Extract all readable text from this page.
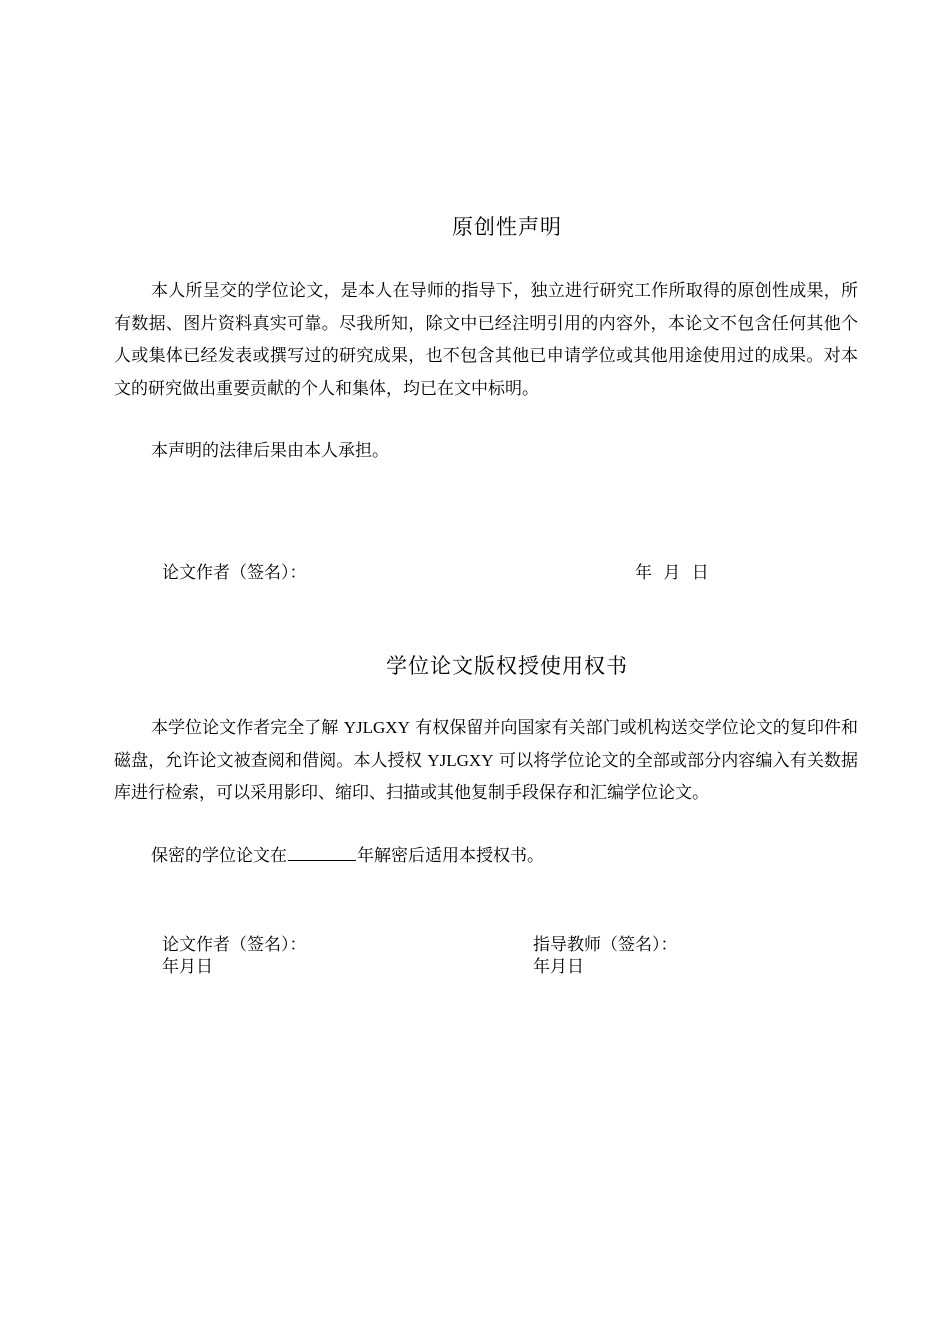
原创性声明

本人所呈交的学位论文，是本人在导师的指导下，独立进行研究工作所取得的原创性成果，所有数据、图片资料真实可靠。尽我所知，除文中已经注明引用的内容外，本论文不包含任何其他个人或集体已经发表或撰写过的研究成果，也不包含其他已申请学位或其他用途使用过的成果。对本文的研究做出重要贡献的个人和集体，均已在文中标明。

本声明的法律后果由本人承担。

论文作者（签名）：	年 月 日

学位论文版权授使用权书

本学位论文作者完全了解 YJLGXY 有权保留并向国家有关部门或机构送交学位论文的复印件和磁盘，允许论文被查阅和借阅。本人授权 YJLGXY 可以将学位论文的全部或部分内容编入有关数据库进行检索，可以采用影印、缩印、扫描或其他复制手段保存和汇编学位论文。

保密的学位论文在	年解密后适用本授权书。

论文作者（签名）：

年月日

指导教师（签名）：

年月日
